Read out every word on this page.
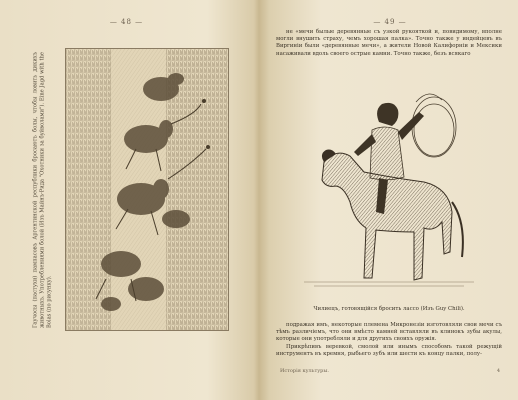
— 48 —
Гаучосы (пастухи) пампасовъ Аргентинской республики бросаютъ болы, чтобы ловить дикихъ животныхъ. Употреблениями болой (Изъ Майнъ-Рида "Охотники за буйволами"). Eine Jagd with the Bolas (по рисунку).
— 49 —

не «мечи былые деревянные съ узкой рукояткой и, повидимому, вполне могли внушить страху, чемъ хорошая палка». Точно также у индейцевъ въ Виргиніи были «деревянные мечи», а жители Новой Калифорніи и Мексики насаживали вдоль своего острые камни. Точно также, безъ всякаго

Чилиецъ, готовящійся бросить лассо (Изъ Guy Chili).

подражая имъ, некоторые племена Микронезіи изготовляли свои мечи съ тѣмъ различіемъ, что они вмѣсто камней вставляли въ клинокъ зубы акулы, которые они употребляли и для другихъ своихъ оружія.

Прикрѣпивъ веревкой, смолой или инымъ способомъ такой режущій инструментъ въ кремня, рыбьего зубъ или шести къ концу палки, полу-

Исторія культуры.	4
